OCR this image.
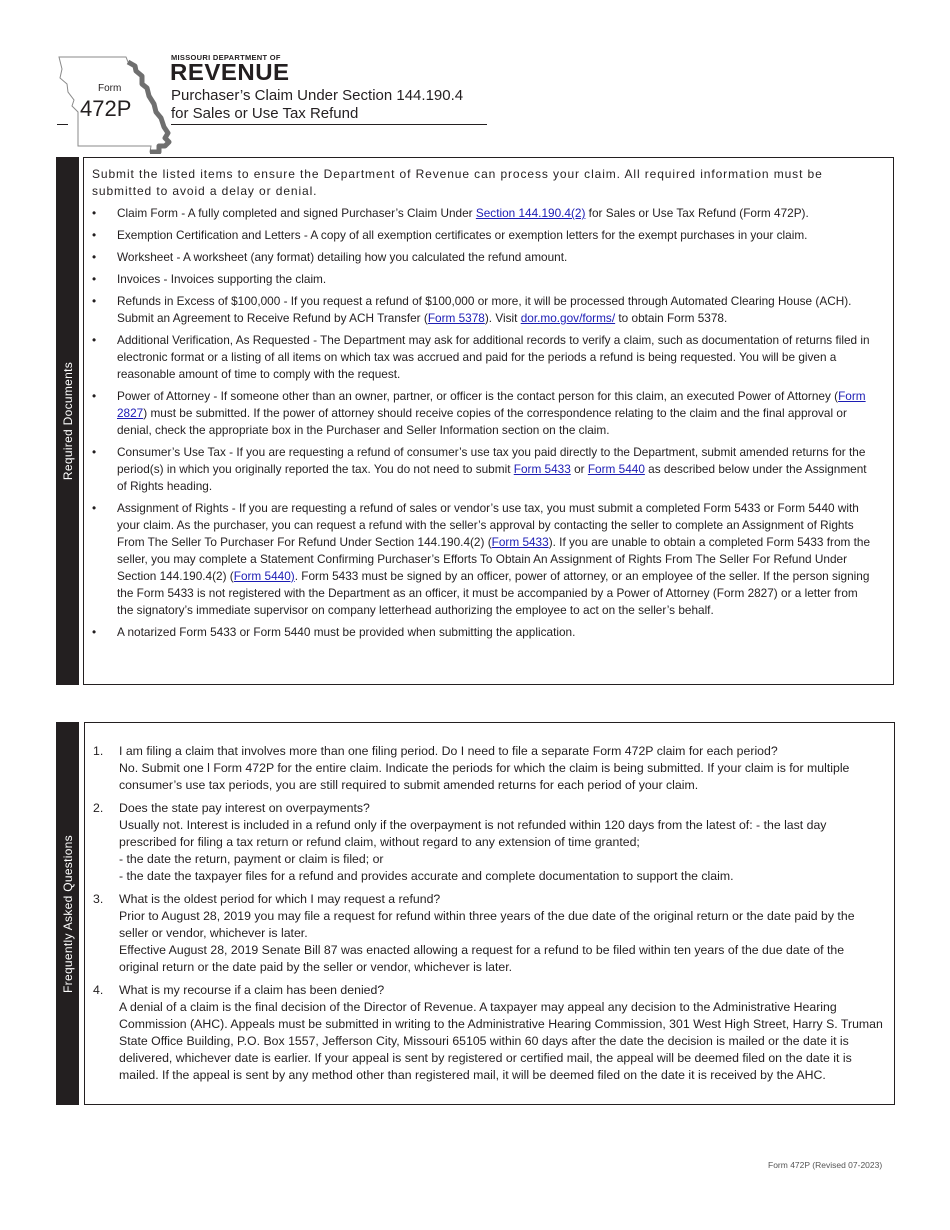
Form
472P
MISSOURI DEPARTMENT OF
REVENUE
Purchaser’s Claim Under Section 144.190.4
for Sales or Use Tax Refund
Required Documents
Submit the listed items to ensure the Department of Revenue can process your claim. All required information must be submitted to avoid a delay or denial.
• Claim Form - A fully completed and signed Purchaser’s Claim Under Section 144.190.4(2) for Sales or Use Tax Refund (Form 472P).
• Exemption Certification and Letters - A copy of all exemption certificates or exemption letters for the exempt purchases in your claim.
• Worksheet - A worksheet (any format) detailing how you calculated the refund amount.
• Invoices - Invoices supporting the claim.
• Refunds in Excess of $100,000 - If you request a refund of $100,000 or more, it will be processed through Automated Clearing House (ACH). Submit an Agreement to Receive Refund by ACH Transfer (Form 5378). Visit dor.mo.gov/forms/ to obtain Form 5378.
• Additional Verification, As Requested - The Department may ask for additional records to verify a claim, such as documentation of returns filed in electronic format or a listing of all items on which tax was accrued and paid for the periods a refund is being requested. You will be given a reasonable amount of time to comply with the request.
• Power of Attorney - If someone other than an owner, partner, or officer is the contact person for this claim, an executed Power of Attorney (Form 2827) must be submitted. If the power of attorney should receive copies of the correspondence relating to the claim and the final approval or denial, check the appropriate box in the Purchaser and Seller Information section on the claim.
• Consumer’s Use Tax - If you are requesting a refund of consumer’s use tax you paid directly to the Department, submit amended returns for the period(s) in which you originally reported the tax. You do not need to submit Form 5433 or Form 5440 as described below under the Assignment of Rights heading.
• Assignment of Rights - If you are requesting a refund of sales or vendor’s use tax, you must submit a completed Form 5433 or Form 5440 with your claim. As the purchaser, you can request a refund with the seller’s approval by contacting the seller to complete an Assignment of Rights From The Seller To Purchaser For Refund Under Section 144.190.4(2) (Form 5433). If you are unable to obtain a completed Form 5433 from the seller, you may complete a Statement Confirming Purchaser’s Efforts To Obtain An Assignment of Rights From The Seller For Refund Under Section 144.190.4(2) (Form 5440). Form 5433 must be signed by an officer, power of attorney, or an employee of the seller. If the person signing the Form 5433 is not registered with the Department as an officer, it must be accompanied by a Power of Attorney (Form 2827) or a letter from the signatory’s immediate supervisor on company letterhead authorizing the employee to act on the seller’s behalf.
• A notarized Form 5433 or Form 5440 must be provided when submitting the application.
Frequently Asked Questions
1. I am filing a claim that involves more than one filing period. Do I need to file a separate Form 472P claim for each period?
No. Submit one l Form 472P for the entire claim. Indicate the periods for which the claim is being submitted. If your claim is for multiple consumer’s use tax periods, you are still required to submit amended returns for each period of your claim.
2. Does the state pay interest on overpayments?
Usually not. Interest is included in a refund only if the overpayment is not refunded within 120 days from the latest of: - the last day prescribed for filing a tax return or refund claim, without regard to any extension of time granted;
- the date the return, payment or claim is filed; or
- the date the taxpayer files for a refund and provides accurate and complete documentation to support the claim.
3. What is the oldest period for which I may request a refund?
Prior to August 28, 2019 you may file a request for refund within three years of the due date of the original return or the date paid by the seller or vendor, whichever is later.
Effective August 28, 2019 Senate Bill 87 was enacted allowing a request for a refund to be filed within ten years of the due date of the original return or the date paid by the seller or vendor, whichever is later.
4. What is my recourse if a claim has been denied?
A denial of a claim is the final decision of the Director of Revenue. A taxpayer may appeal any decision to the Administrative Hearing Commission (AHC). Appeals must be submitted in writing to the Administrative Hearing Commission, 301 West High Street, Harry S. Truman State Office Building, P.O. Box 1557, Jefferson City, Missouri 65105 within 60 days after the date the decision is mailed or the date it is delivered, whichever date is earlier. If your appeal is sent by registered or certified mail, the appeal will be deemed filed on the date it is mailed. If the appeal is sent by any method other than registered mail, it will be deemed filed on the date it is received by the AHC.
Form 472P (Revised 07-2023)
